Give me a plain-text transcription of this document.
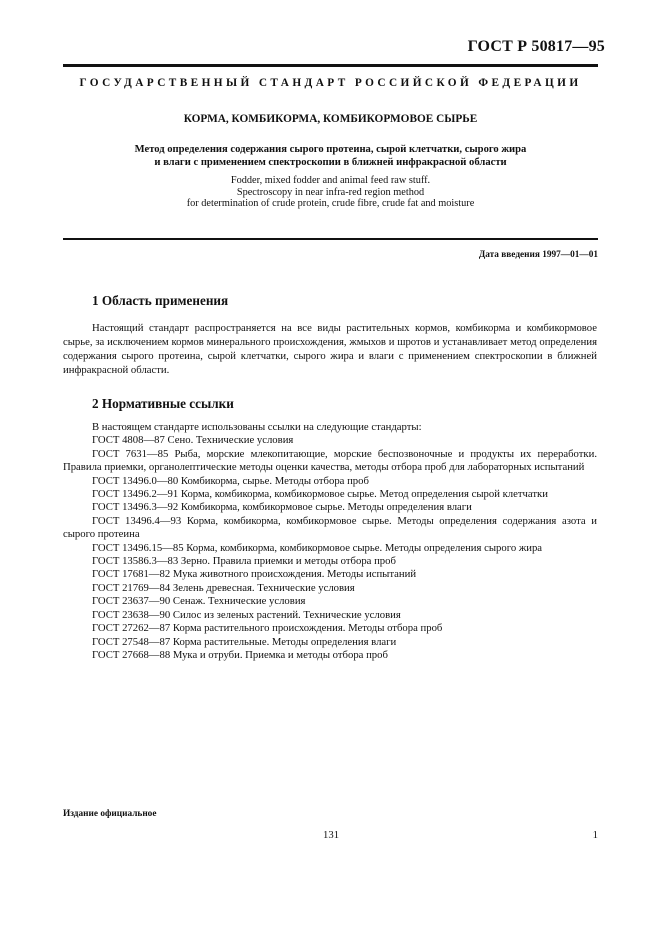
ГОСТ Р 50817—95
ГОСУДАРСТВЕННЫЙ СТАНДАРТ РОССИЙСКОЙ ФЕДЕРАЦИИ
КОРМА, КОМБИКОРМА, КОМБИКОРМОВОЕ СЫРЬЕ
Метод определения содержания сырого протеина, сырой клетчатки, сырого жира
и влаги с применением спектроскопии в ближней инфракрасной области
Fodder, mixed fodder and animal feed raw stuff.
Spectroscopy in near infra-red region method
for determination of crude protein, crude fibre, crude fat and moisture
Дата введения 1997—01—01
1 Область применения

Настоящий стандарт распространяется на все виды растительных кормов, комбикорма и комбикормовое сырье, за исключением кормов минерального происхождения, жмыхов и шротов и устанавливает метод определения содержания сырого протеина, сырой клетчатки, сырого жира и влаги с применением спектроскопии в ближней инфракрасной области.

2 Нормативные ссылки
В настоящем стандарте использованы ссылки на следующие стандарты:
ГОСТ 4808—87 Сено. Технические условия
ГОСТ 7631—85 Рыба, морские млекопитающие, морские беспозвоночные и продукты их переработки. Правила приемки, органолептические методы оценки качества, методы отбора проб для лабораторных испытаний
ГОСТ 13496.0—80 Комбикорма, сырье. Методы отбора проб
ГОСТ 13496.2—91 Корма, комбикорма, комбикормовое сырье. Метод определения сырой клетчатки
ГОСТ 13496.3—92 Комбикорма, комбикормовое сырье. Методы определения влаги
ГОСТ 13496.4—93 Корма, комбикорма, комбикормовое сырье. Методы определения содержания азота и сырого протеина
ГОСТ 13496.15—85 Корма, комбикорма, комбикормовое сырье. Методы определения сырого жира
ГОСТ 13586.3—83 Зерно. Правила приемки и методы отбора проб
ГОСТ 17681—82 Мука животного происхождения. Методы испытаний
ГОСТ 21769—84 Зелень древесная. Технические условия
ГОСТ 23637—90 Сенаж. Технические условия
ГОСТ 23638—90 Силос из зеленых растений. Технические условия
ГОСТ 27262—87 Корма растительного происхождения. Методы отбора проб
ГОСТ 27548—87 Корма растительные. Методы определения влаги
ГОСТ 27668—88 Мука и отруби. Приемка и методы отбора проб
Издание официальное
131	1
